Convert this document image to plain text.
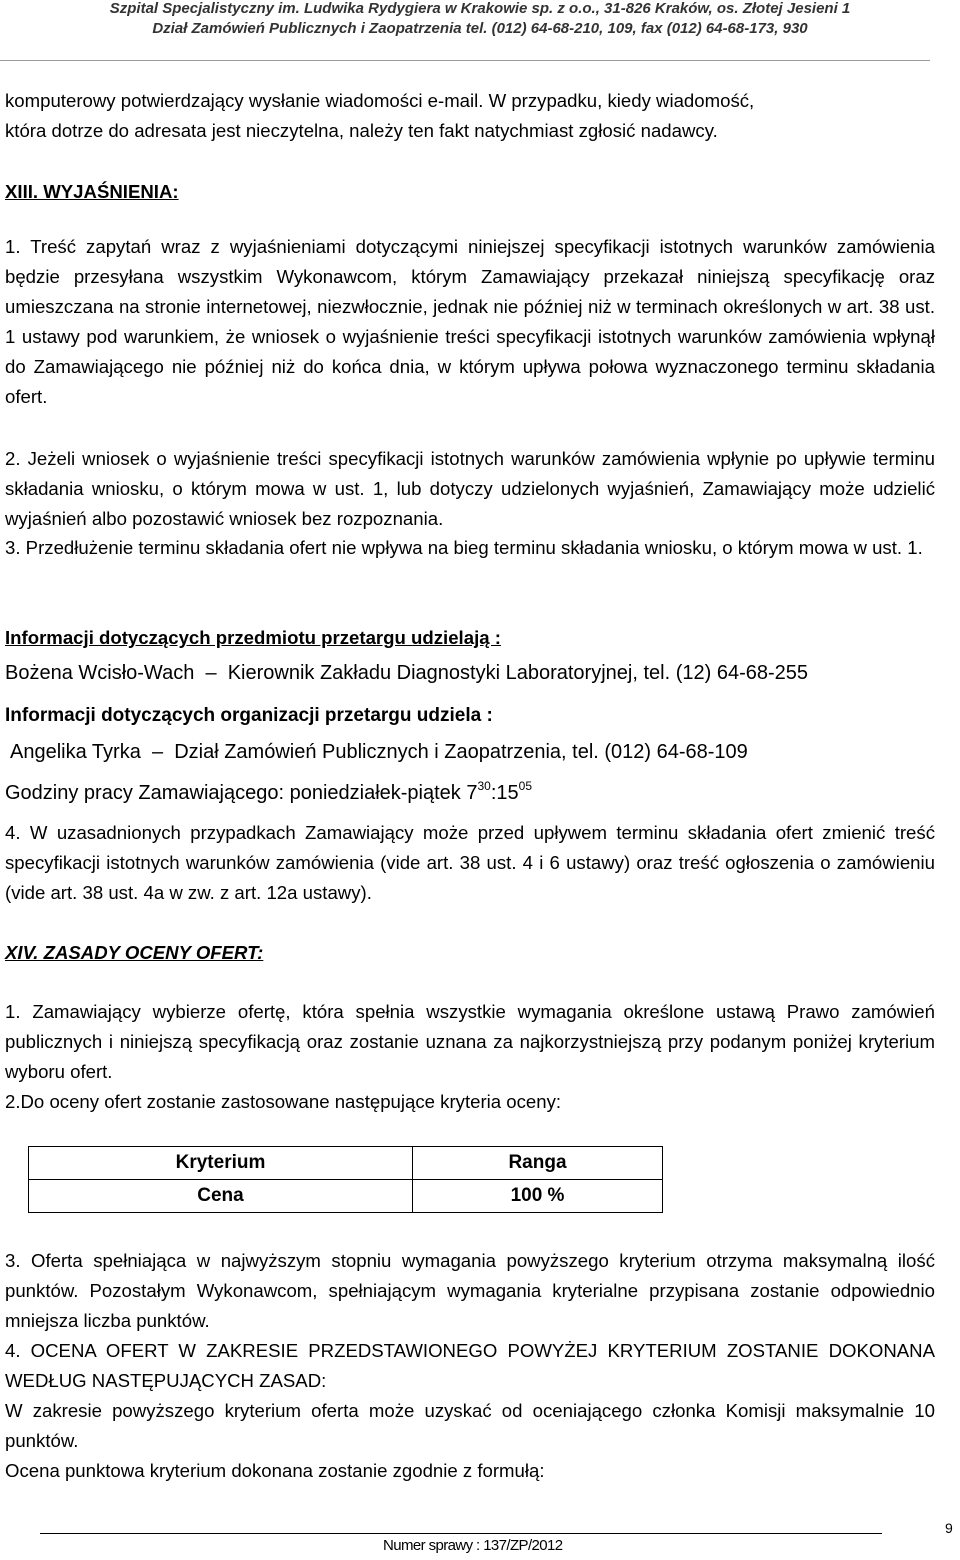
Szpital Specjalistyczny im. Ludwika Rydygiera w Krakowie sp. z o.o., 31-826 Kraków, os. Złotej Jesieni 1
Dział Zamówień Publicznych i Zaopatrzenia tel. (012) 64-68-210, 109, fax (012) 64-68-173, 930
komputerowy potwierdzający wysłanie wiadomości e-mail. W przypadku, kiedy wiadomość,
która dotrze do adresata jest nieczytelna, należy ten fakt natychmiast zgłosić nadawcy.
XIII. WYJAŚNIENIA:
1. Treść zapytań wraz z wyjaśnieniami dotyczącymi niniejszej specyfikacji istotnych warunków zamówienia będzie przesyłana wszystkim Wykonawcom, którym Zamawiający przekazał niniejszą specyfikację oraz umieszczana na stronie internetowej, niezwłocznie, jednak nie później niż w terminach określonych w art. 38 ust. 1 ustawy pod warunkiem, że wniosek o wyjaśnienie treści specyfikacji istotnych warunków zamówienia wpłynął do Zamawiającego nie później niż do końca dnia, w którym upływa połowa wyznaczonego terminu składania ofert.
2. Jeżeli wniosek o wyjaśnienie treści specyfikacji istotnych warunków zamówienia wpłynie po upływie terminu składania wniosku, o którym mowa w ust. 1, lub dotyczy udzielonych wyjaśnień, Zamawiający może udzielić wyjaśnień albo pozostawić wniosek bez rozpoznania.
3. Przedłużenie terminu składania ofert nie wpływa na bieg terminu składania wniosku, o którym mowa w ust. 1.
Informacji dotyczących przedmiotu przetargu udzielają :
Bożena Wcisło-Wach – Kierownik Zakładu Diagnostyki Laboratoryjnej, tel. (12) 64-68-255
Informacji dotyczących organizacji przetargu udziela :
Angelika Tyrka – Dział Zamówień Publicznych i Zaopatrzenia, tel. (012) 64-68-109
Godziny pracy Zamawiającego: poniedziałek-piątek $7^{30}:15^{05}$
4. W uzasadnionych przypadkach Zamawiający może przed upływem terminu składania ofert zmienić treść specyfikacji istotnych warunków zamówienia (vide art. 38 ust. 4 i 6 ustawy) oraz treść ogłoszenia o zamówieniu (vide art. 38 ust. 4a w zw. z art. 12a ustawy).
XIV. ZASADY OCENY OFERT:
1. Zamawiający wybierze ofertę, która spełnia wszystkie wymagania określone ustawą Prawo zamówień publicznych i niniejszą specyfikacją oraz zostanie uznana za najkorzystniejszą przy podanym poniżej kryterium wyboru ofert.
2.Do oceny ofert zostanie zastosowane następujące kryteria oceny:
Kryterium	Ranga
Cena	100 %
3. Oferta spełniająca w najwyższym stopniu wymagania powyższego kryterium otrzyma maksymalną ilość punktów. Pozostałym Wykonawcom, spełniającym wymagania kryterialne przypisana zostanie odpowiednio mniejsza liczba punktów.
4. OCENA OFERT W ZAKRESIE PRZEDSTAWIONEGO POWYŻEJ KRYTERIUM ZOSTANIE DOKONANA WEDŁUG NASTĘPUJĄCYCH ZASAD:
W zakresie powyższego kryterium oferta może uzyskać od oceniającego członka Komisji maksymalnie 10 punktów.
Ocena punktowa kryterium dokonana zostanie zgodnie z formułą:
Numer sprawy : 137/ZP/2012
9
